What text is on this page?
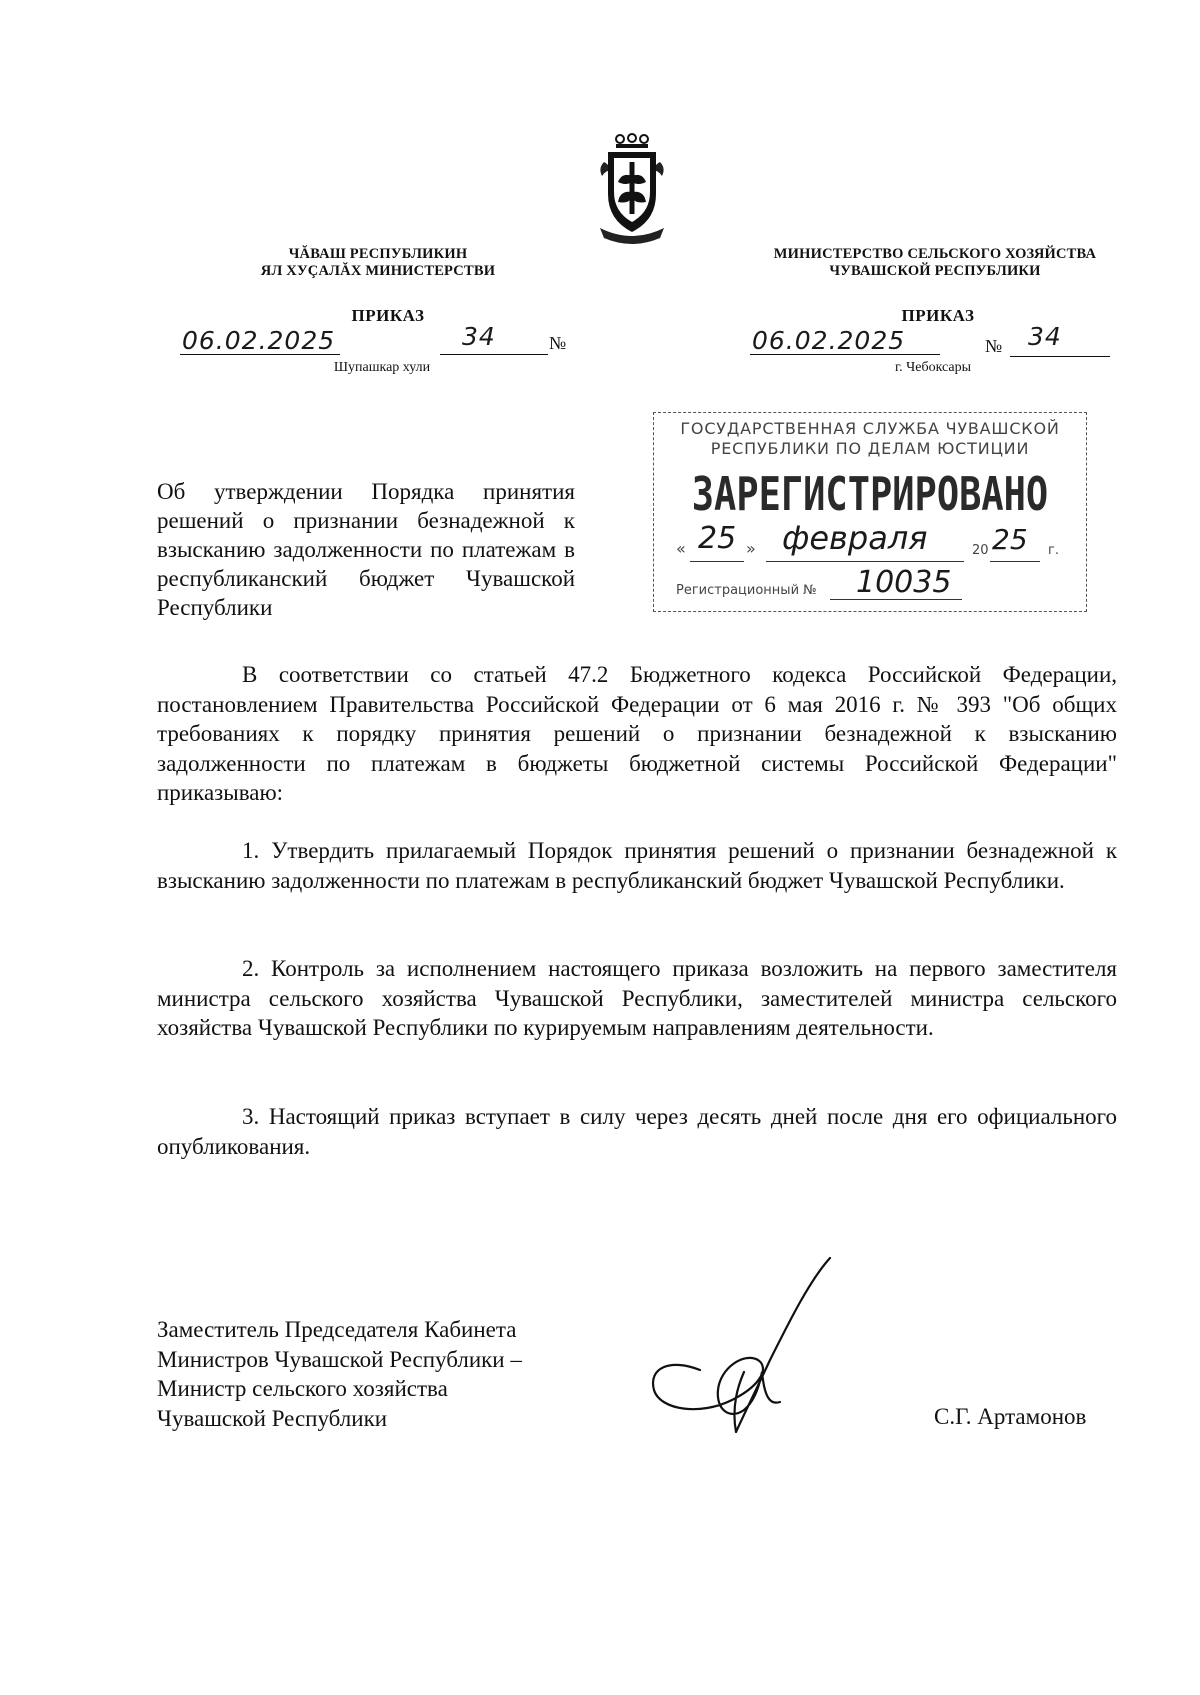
ЧĂВАШ РЕСПУБЛИКИН
ЯЛ ХУÇАЛĂХ МИНИСТЕРСТВИ
ПРИКАЗ
06.02.2025	34	№
Шупашкар хули
МИНИСТЕРСТВО СЕЛЬСКОГО ХОЗЯЙСТВА
ЧУВАШСКОЙ РЕСПУБЛИКИ
ПРИКАЗ
06.02.2025	№ 34
г. Чебоксары
ГОСУДАРСТВЕННАЯ СЛУЖБА ЧУВАШСКОЙ
РЕСПУБЛИКИ ПО ДЕЛАМ ЮСТИЦИИ
ЗАРЕГИСТРИРОВАНО
« 25 » февраля	20 25 г.
Регистрационный № 10035
Об утверждении Порядка принятия решений о признании безнадежной к взысканию задолженности по платежам в республиканский бюджет Чувашской Республики

В соответствии со статьей 47.2 Бюджетного кодекса Российской Федерации, постановлением Правительства Российской Федерации от 6 мая 2016 г. № 393 "Об общих требованиях к порядку принятия решений о признании безнадежной к взысканию задолженности по платежам в бюджеты бюджетной системы Российской Федерации" приказываю:

1. Утвердить прилагаемый Порядок принятия решений о признании безнадежной к взысканию задолженности по платежам в республиканский бюджет Чувашской Республики.

2. Контроль за исполнением настоящего приказа возложить на первого заместителя министра сельского хозяйства Чувашской Республики, заместителей министра сельского хозяйства Чувашской Республики по курируемым направлениям деятельности.

3. Настоящий приказ вступает в силу через десять дней после дня его официального опубликования.

Заместитель Председателя Кабинета
Министров Чувашской Республики –
Министр сельского хозяйства
Чувашской Республики	С.Г. Артамонов
